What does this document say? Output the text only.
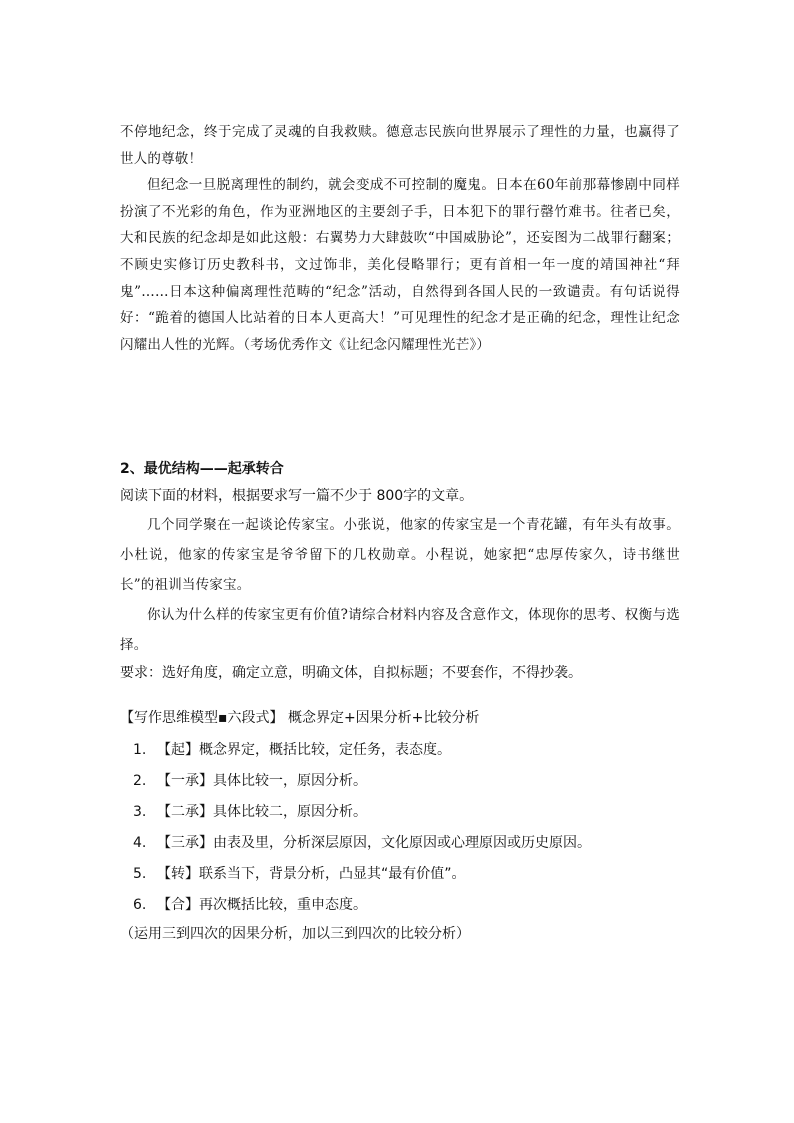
不停地纪念，终于完成了灵魂的自我救赎。德意志民族向世界展示了理性的力量，也赢得了世人的尊敬！

但纪念一旦脱离理性的制约，就会变成不可控制的魔鬼。日本在60年前那幕惨剧中同样扮演了不光彩的角色，作为亚洲地区的主要刽子手，日本犯下的罪行罄竹难书。往者已矣，大和民族的纪念却是如此这般：右翼势力大肆鼓吹“中国威胁论”，还妄图为二战罪行翻案；不顾史实修订历史教科书，文过饰非，美化侵略罪行；更有首相一年一度的靖国神社“拜鬼”……日本这种偏离理性范畴的“纪念”活动，自然得到各国人民的一致谴责。有句话说得好：“跪着的德国人比站着的日本人更高大！”可见理性的纪念才是正确的纪念，理性让纪念闪耀出人性的光辉。（考场优秀作文《让纪念闪耀理性光芒》）

2、最优结构——起承转合

阅读下面的材料，根据要求写一篇不少于 800字的文章。

几个同学聚在一起谈论传家宝。小张说，他家的传家宝是一个青花罐，有年头有故事。小杜说，他家的传家宝是爷爷留下的几枚勋章。小程说，她家把“忠厚传家久，诗书继世长”的祖训当传家宝。

你认为什么样的传家宝更有价值?请综合材料内容及含意作文，体现你的思考、权衡与选择。

要求：选好角度，确定立意，明确文体，自拟标题；不要套作，不得抄袭。

【写作思维模型▪六段式】 概念界定+因果分析+比较分析

1. 【起】概念界定，概括比较，定任务，表态度。
2. 【一承】具体比较一，原因分析。
3. 【二承】具体比较二，原因分析。
4. 【三承】由表及里，分析深层原因，文化原因或心理原因或历史原因。
5. 【转】联系当下，背景分析，凸显其“最有价值”。
6. 【合】再次概括比较，重申态度。

（运用三到四次的因果分析，加以三到四次的比较分析）
